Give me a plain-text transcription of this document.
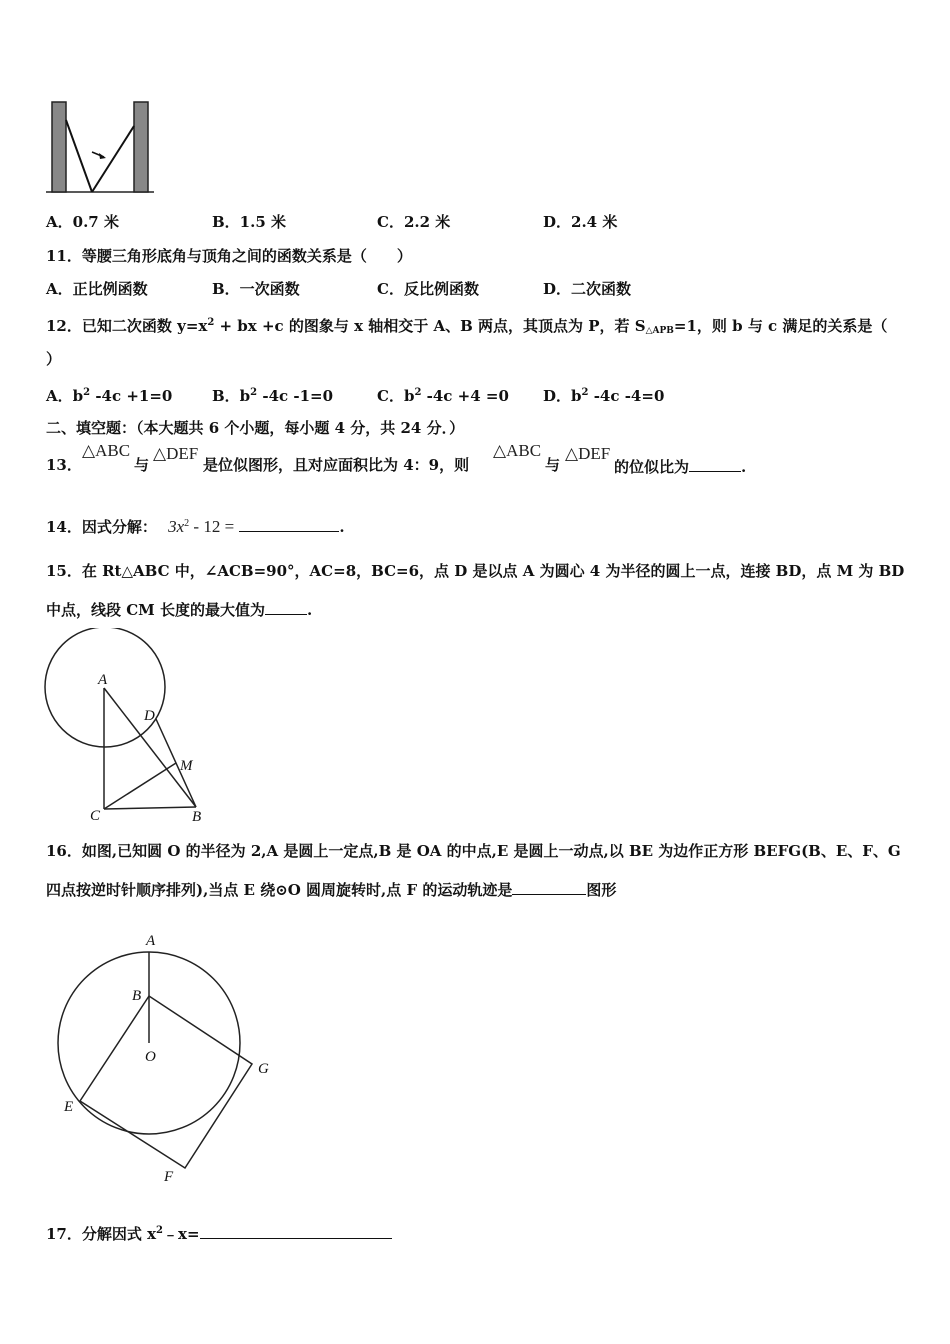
A．0.7 米	B．1.5 米	C．2.2 米	D．2.4 米
11．等腰三角形底角与顶角之间的函数关系是（　　）
A．正比例函数	B．一次函数	C．反比例函数	D．二次函数
12．已知二次函数 $y=x^2$ + bx +c 的图象与 x 轴相交于 A、B 两点，其顶点为 P，若 $S_{\triangle APB}=1$，则 b 与 c 满足的关系是（
）
A．$b^2$ -4c +1=0	B．$b^2$ -4c -1=0	C．$b^2$ -4c +4 =0 D．$b^2$ -4c -4=0
二、填空题：（本大题共 6 个小题，每小题 4 分，共 24 分．）
13．
△ABC
与
△DEF
是位似图形，且对应面积比为 4：9，则
△ABC
与
△DEF
的位似比为	.
14．因式分解： $3x^2 - 12$ =	.
15．在 Rt△ABC 中，∠ACB=90°，AC=8，BC=6，点 D 是以点 A 为圆心 4 为半径的圆上一点，连接 BD，点 M 为 BD
中点，线段 CM 长度的最大值为	.
A
D
M
C	B
16．如图,已知圆 O 的半径为 2,A 是圆上一定点,B 是 OA 的中点,E 是圆上一动点,以 BE 为边作正方形 BEFG(B、E、F、G
四点按逆时针顺序排列),当点 E 绕⊙O 圆周旋转时,点 F 的运动轨迹是	图形
A
B
O
G
E
F
17．分解因式 $x^2﹣x=$
